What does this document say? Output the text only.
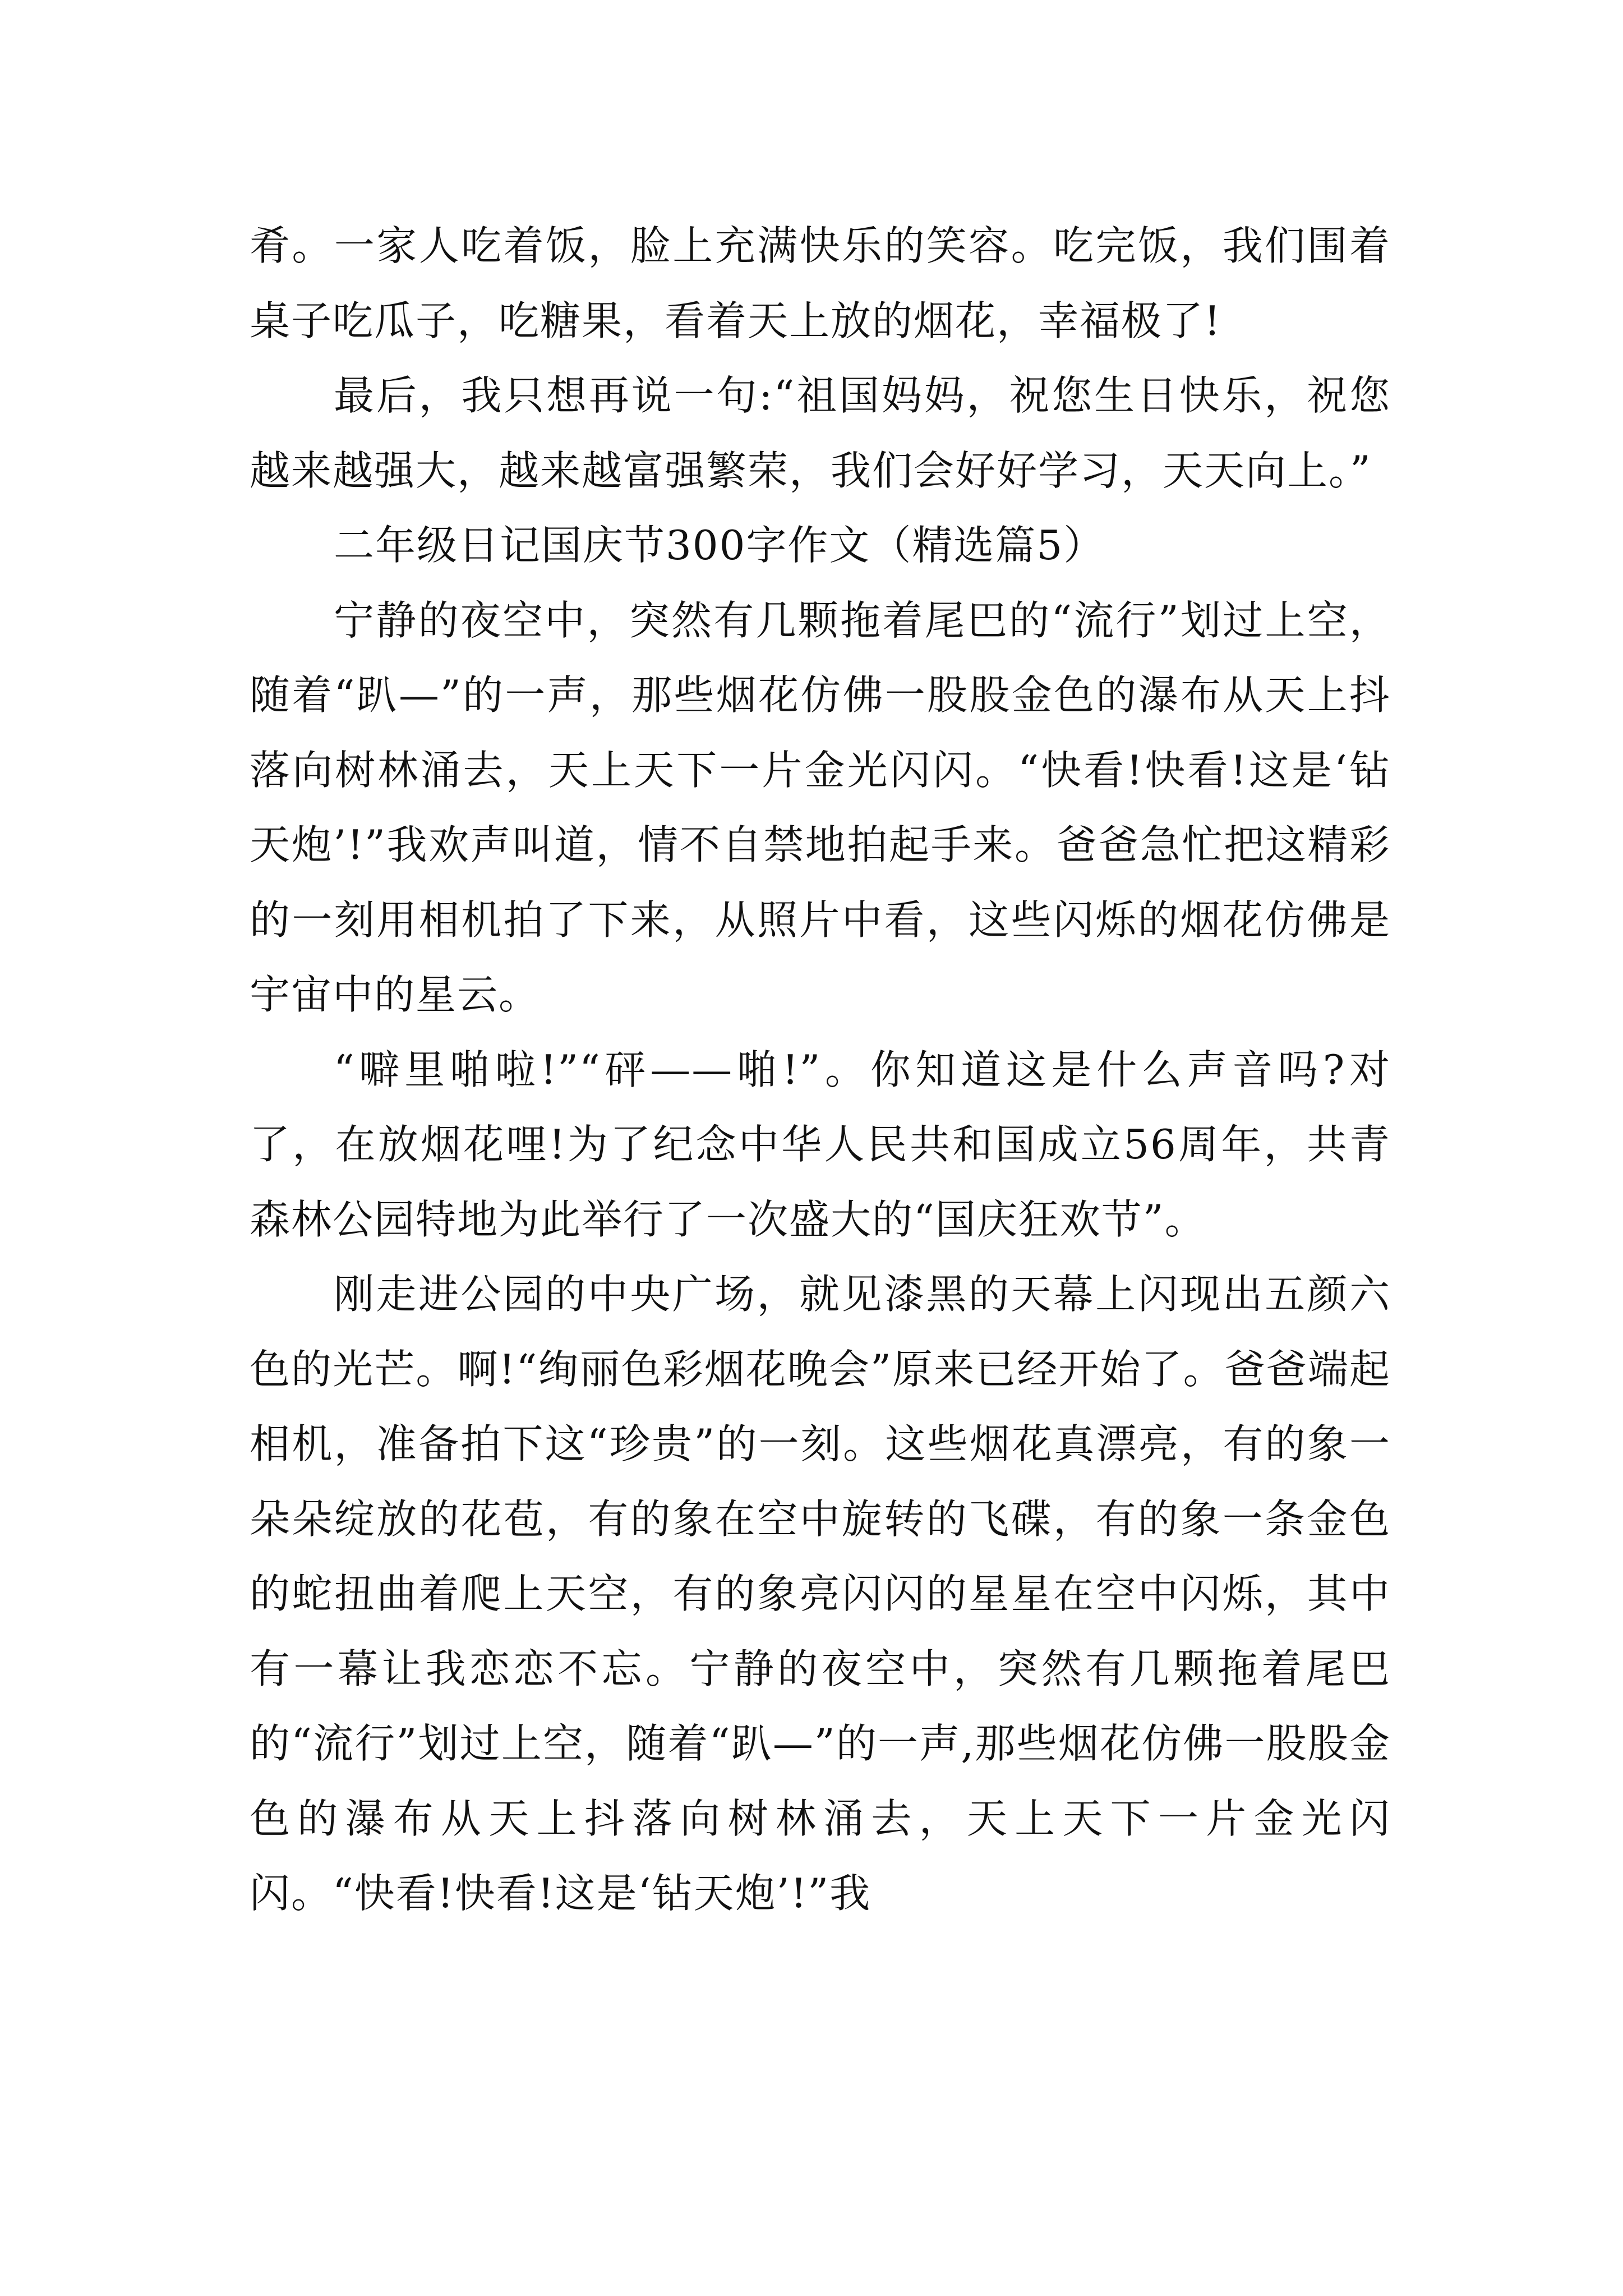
肴。一家人吃着饭，脸上充满快乐的笑容。吃完饭，我们围着桌子吃瓜子，吃糖果，看着天上放的烟花，幸福极了!

最后，我只想再说一句:“祖国妈妈，祝您生日快乐，祝您越来越强大，越来越富强繁荣，我们会好好学习，天天向上。”

二年级日记国庆节300字作文（精选篇5）

宁静的夜空中，突然有几颗拖着尾巴的“流行”划过上空，随着“趴—”的一声，那些烟花仿佛一股股金色的瀑布从天上抖落向树林涌去，天上天下一片金光闪闪。“快看!快看!这是‘钻天炮’!”我欢声叫道，情不自禁地拍起手来。爸爸急忙把这精彩的一刻用相机拍了下来，从照片中看，这些闪烁的烟花仿佛是宇宙中的星云。

“噼里啪啦!”“砰——啪!”。你知道这是什么声音吗?对了，在放烟花哩!为了纪念中华人民共和国成立56周年，共青森林公园特地为此举行了一次盛大的“国庆狂欢节”。

刚走进公园的中央广场，就见漆黑的天幕上闪现出五颜六色的光芒。啊!“绚丽色彩烟花晚会”原来已经开始了。爸爸端起相机，准备拍下这“珍贵”的一刻。这些烟花真漂亮，有的象一朵朵绽放的花苞，有的象在空中旋转的飞碟，有的象一条金色的蛇扭曲着爬上天空，有的象亮闪闪的星星在空中闪烁，其中有一幕让我恋恋不忘。宁静的夜空中，突然有几颗拖着尾巴的“流行”划过上空，随着“趴—”的一声,那些烟花仿佛一股股金色的瀑布从天上抖落向树林涌去，天上天下一片金光闪闪。“快看!快看!这是‘钻天炮’!”我
